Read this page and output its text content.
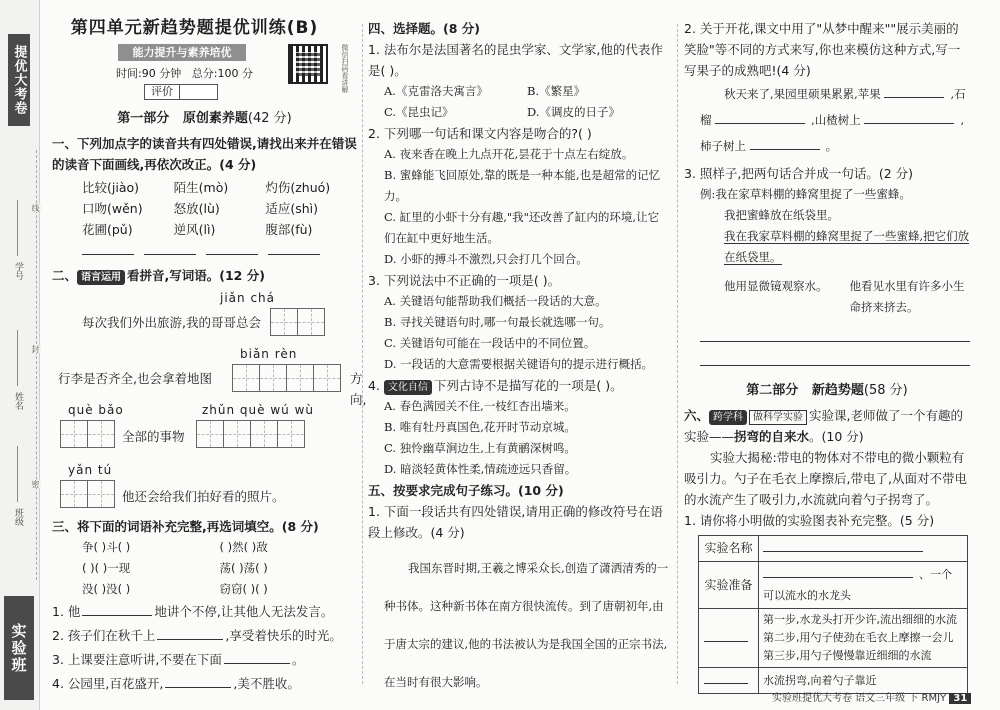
提优大考卷
学号
姓名
班级
线
封
密
实验班
第四单元新趋势题提优训练(B)
能力提升与素养培优	微信扫码看讲解
时间:90 分钟 总分:100 分
评价
第一部分 原创素养题(42 分)
一、下列加点字的读音共有四处错误,请找出来并在错误的读音下面画线,再依次改正。(4 分)
比较(jiào)	陌生(mò)	灼伤(zhuó)
口吻(wěn)	怒放(lù)	适应(shì)
花圃(pǔ)	逆风(lì)	腹部(fù)

二、 语言运用 看拼音,写词语。(12 分)
jiǎn chá
每次我们外出旅游,我的哥哥总会
biǎn rèn
行李是否齐全,也会拿着地图	方向,
què bǎo	zhǔn què wú wù
全部的事物
yǎn tú
他还会给我们拍好看的照片。
三、将下面的词语补充完整,再选词填空。(8 分)
争( )斗( )	( )然( )敌
( )( )一现	荡( )荡( )
没( )没( )	窃窃( )( )
1. 他	地讲个不停,让其他人无法发言。
2. 孩子们在秋千上	,享受着快乐的时光。
3. 上课要注意听讲,不要在下面	。
4. 公园里,百花盛开,	,美不胜收。
四、选择题。(8 分)
1. 法布尔是法国著名的昆虫学家、文学家,他的代表作是( )。
A.《克雷洛夫寓言》	B.《繁星》
C.《昆虫记》	D.《调皮的日子》
2. 下列哪一句话和课文内容是吻合的?( )
A. 夜来香在晚上九点开花,昙花于十点左右绽放。
B. 蜜蜂能飞回原处,靠的既是一种本能,也是超常的记忆力。
C. 缸里的小虾十分有趣,"我"还改善了缸内的环境,让它们在缸中更好地生活。
D. 小虾的搏斗不激烈,只会打几个回合。
3. 下列说法中不正确的一项是( )。
A. 关键语句能帮助我们概括一段话的大意。
B. 寻找关键语句时,哪一句最长就选哪一句。
C. 关键语句可能在一段话中的不同位置。
D. 一段话的大意需要根据关键语句的提示进行概括。
4. 文化自信 下列古诗不是描写花的一项是( )。
A. 春色满园关不住,一枝红杏出墙来。
B. 唯有牡丹真国色,花开时节动京城。
C. 独怜幽草涧边生,上有黄鹂深树鸣。
D. 暗淡轻黄体性柔,情疏迹远只香留。
五、按要求完成句子练习。(10 分)
1. 下面一段话共有四处错误,请用正确的修改符号在语段上修改。(4 分)
我国东晋时期,王羲之博采众长,创造了潇洒清秀的一种书体。这种新书体在南方很快流传。到了唐朝初年,由于唐太宗的建议,他的书法被认为是我国全国的正宗书法,在当时有很大影响。
2. 关于开花,课文中用了"从梦中醒来""展示美丽的笑脸"等不同的方式来写,你也来模仿这种方式,写一写果子的成熟吧!(4 分)
秋天来了,果园里硕果累累,苹果	,石榴	,山楂树上	,柿子树上	。
3. 照样子,把两句话合并成一句话。(2 分)
例:我在家草料棚的蜂窝里捉了一些蜜蜂。
我把蜜蜂放在纸袋里。
我在我家草料棚的蜂窝里捉了一些蜜蜂,把它们放在纸袋里。
他用显微镜观察水。 他看见水里有许多小生命挤来挤去。
第二部分 新趋势题(58 分)
六、 跨学科 做科学实验 实验课,老师做了一个有趣的实验——拐弯的自来水。(10 分)
实验大揭秘:带电的物体对不带电的微小颗粒有吸引力。勺子在毛衣上摩擦后,带电了,从面对不带电的水流产生了吸引力,水流就向着勺子拐弯了。
1. 请你将小明做的实验图表补充完整。(5 分)
实验名称	
实验准备	、一个
可以流水的水龙头

	第一步,水龙头打开少许,流出细细的水流
第二步,用勺子使劲在毛衣上摩擦一会儿
第三步,用勺子慢慢靠近细细的水流

	水流拐弯,向着勺子靠近
实验班提优大考卷 语文三年级 下 RMJY 31
